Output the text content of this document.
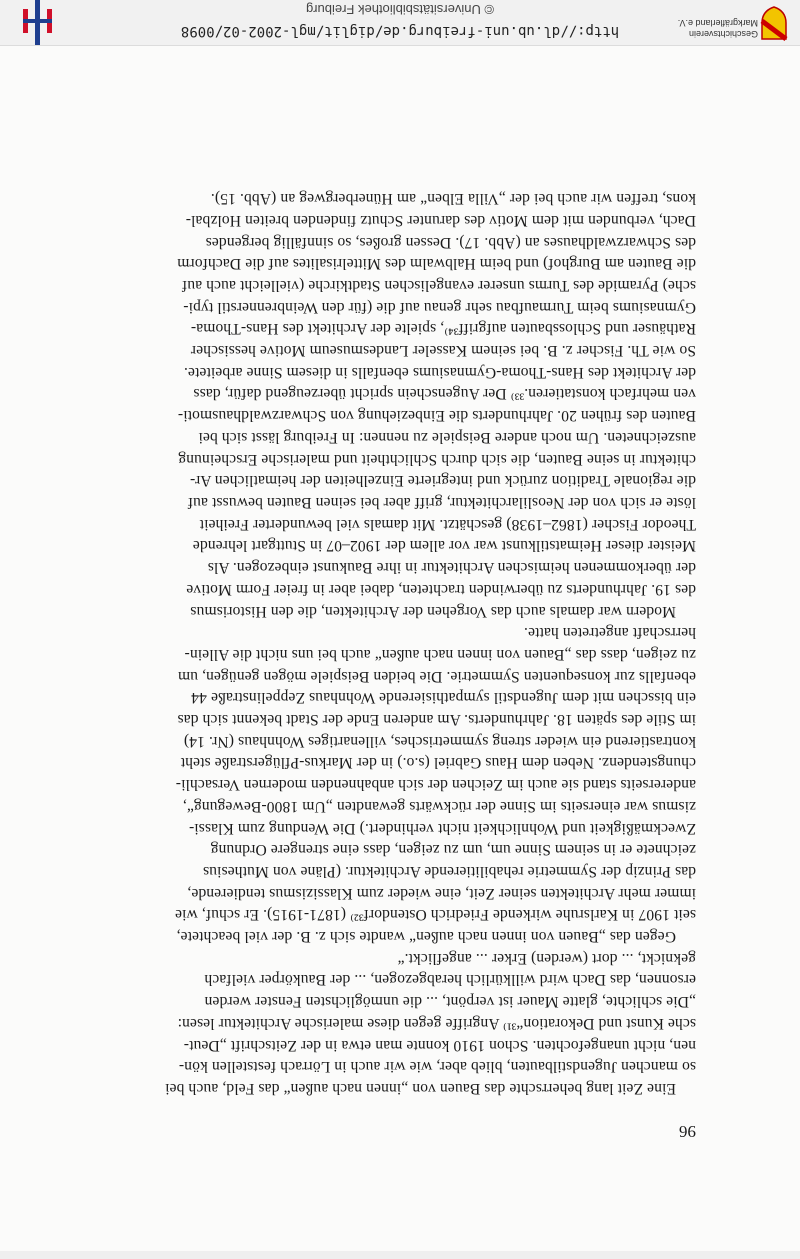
96
Eine Zeit lang beherrschte das Bauen von „innen nach außen“ das Feld, auch bei
so manchen Jugendstilbauten, blieb aber, wie wir auch in Lörrach feststellen kön-
nen, nicht unangefochten. Schon 1910 konnte man etwa in der Zeitschrift „Deut-
sche Kunst und Dekoration“³¹⁾ Angriffe gegen diese malerische Architektur lesen:
„Die schlichte, glatte Mauer ist verpönt, ... die unmöglichsten Fenster werden
ersonnen, das Dach wird willkürlich herabgezogen, ... der Baukörper vielfach
geknickt, ... dort (werden) Erker ... angeflickt.“
Gegen das „Bauen von innen nach außen“ wandte sich z. B. der viel beachtete,
seit 1907 in Karlsruhe wirkende Friedrich Ostendorf³²⁾ (1871-1915). Er schuf, wie
immer mehr Architekten seiner Zeit, eine wieder zum Klassizismus tendierende,
das Prinzip der Symmetrie rehabilitierende Architektur. (Pläne von Muthesius
zeichnete er in seinem Sinne um, um zu zeigen, dass eine strengere Ordnung
Zweckmäßigkeit und Wohnlichkeit nicht verhindert.) Die Wendung zum Klassi-
zismus war einerseits im Sinne der rückwärts gewandten „Um 1800-Bewegung“,
andererseits stand sie auch im Zeichen der sich anbahnenden modernen Versachli-
chungstendenz. Neben dem Haus Gabriel (s.o.) in der Markus-Pflügerstraße steht
kontrastierend ein wieder streng symmetrisches, villenartiges Wohnhaus (Nr. 14)
im Stile des späten 18. Jahrhunderts. Am anderen Ende der Stadt bekennt sich das
ein bisschen mit dem Jugendstil sympathisierende Wohnhaus Zeppelinstraße 44
ebenfalls zur konsequenten Symmetrie. Die beiden Beispiele mögen genügen, um
zu zeigen, dass das „Bauen von innen nach außen“ auch bei uns nicht die Allein-
herrschaft angetreten hatte.
Modern war damals auch das Vorgehen der Architekten, die den Historismus
des 19. Jahrhunderts zu überwinden trachteten, dabei aber in freier Form Motive
der überkommenen heimischen Architektur in ihre Baukunst einbezogen. Als
Meister dieser Heimatstilkunst war vor allem der 1902–07 in Stuttgart lehrende
Theodor Fischer (1862–1938) geschätzt. Mit damals viel bewunderter Freiheit
löste er sich von der Neoslilarchitektur, griff aber bei seinen Bauten bewusst auf
die regionale Tradition zurück und integrierte Einzelheiten der heimatlichen Ar-
chitektur in seine Bauten, die sich durch Schlichtheit und malerische Erscheinung
auszeichneten. Um noch andere Beispiele zu nennen: In Freiburg lässt sich bei
Bauten des frühen 20. Jahrhunderts die Einbeziehung von Schwarzwaldhausmoti-
ven mehrfach konstatieren.³³⁾ Der Augenschein spricht überzeugend dafür, dass
der Architekt des Hans-Thoma-Gymnasiums ebenfalls in diesem Sinne arbeitete.
So wie Th. Fischer z. B. bei seinem Kasseler Landesmuseum Motive hessischer
Rathäuser und Schlossbauten aufgriff³⁴⁾, spielte der Architekt des Hans-Thoma-
Gymnasiums beim Turmaufbau sehr genau auf die (für den Weinbrennerstil typi-
sche) Pyramide des Turms unserer evangelischen Stadtkirche (vielleicht auch auf
die Bauten am Burghof) und beim Halbwalm des Mittelrisalites auf die Dachform
des Schwarzwaldhauses an (Abb. 17). Dessen großes, so sinnfällig bergendes
Dach, verbunden mit dem Motiv des darunter Schutz findenden breiten Holzbal-
kons, treffen wir auch bei der „Villa Elben“ am Hünerbergweg an (Abb. 15).
http://dl.ub.uni-freiburg.de/diglit/mgl-2002-02/0098
© Universitätsbibliothek Freiburg
Geschichtsverein
Markgräflerland e.V.
